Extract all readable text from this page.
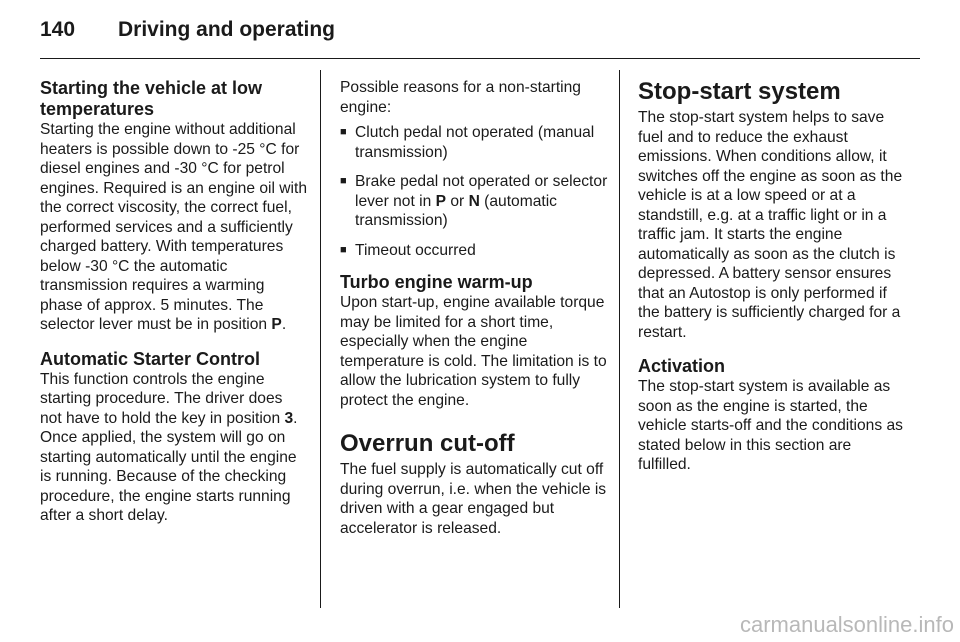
140 Driving and operating
Starting the vehicle at low temperatures

Starting the engine without additional heaters is possible down to -25 °C for diesel engines and -30 °C for petrol engines. Required is an engine oil with the correct viscosity, the correct fuel, performed services and a sufficiently charged battery. With temperatures below -30 °C the automatic transmission requires a warming phase of approx. 5 minutes. The selector lever must be in position P.

Automatic Starter Control

This function controls the engine starting procedure. The driver does not have to hold the key in position 3. Once applied, the system will go on starting automatically until the engine is running. Because of the checking procedure, the engine starts running after a short delay.

Possible reasons for a non-starting engine:

■ Clutch pedal not operated (manual transmission)
■ Brake pedal not operated or selector lever not in P or N (automatic transmission)
■ Timeout occurred
Turbo engine warm-up

Upon start-up, engine available torque may be limited for a short time, especially when the engine temperature is cold. The limitation is to allow the lubrication system to fully protect the engine.

Overrun cut-off

The fuel supply is automatically cut off during overrun, i.e. when the vehicle is driven with a gear engaged but accelerator is released.

Stop-start system

The stop-start system helps to save fuel and to reduce the exhaust emissions. When conditions allow, it switches off the engine as soon as the vehicle is at a low speed or at a standstill, e.g. at a traffic light or in a traffic jam. It starts the engine automatically as soon as the clutch is depressed. A battery sensor ensures that an Autostop is only performed if the battery is sufficiently charged for a restart.

Activation

The stop-start system is available as soon as the engine is started, the vehicle starts-off and the conditions as stated below in this section are fulfilled.

carmanualsonline.info
